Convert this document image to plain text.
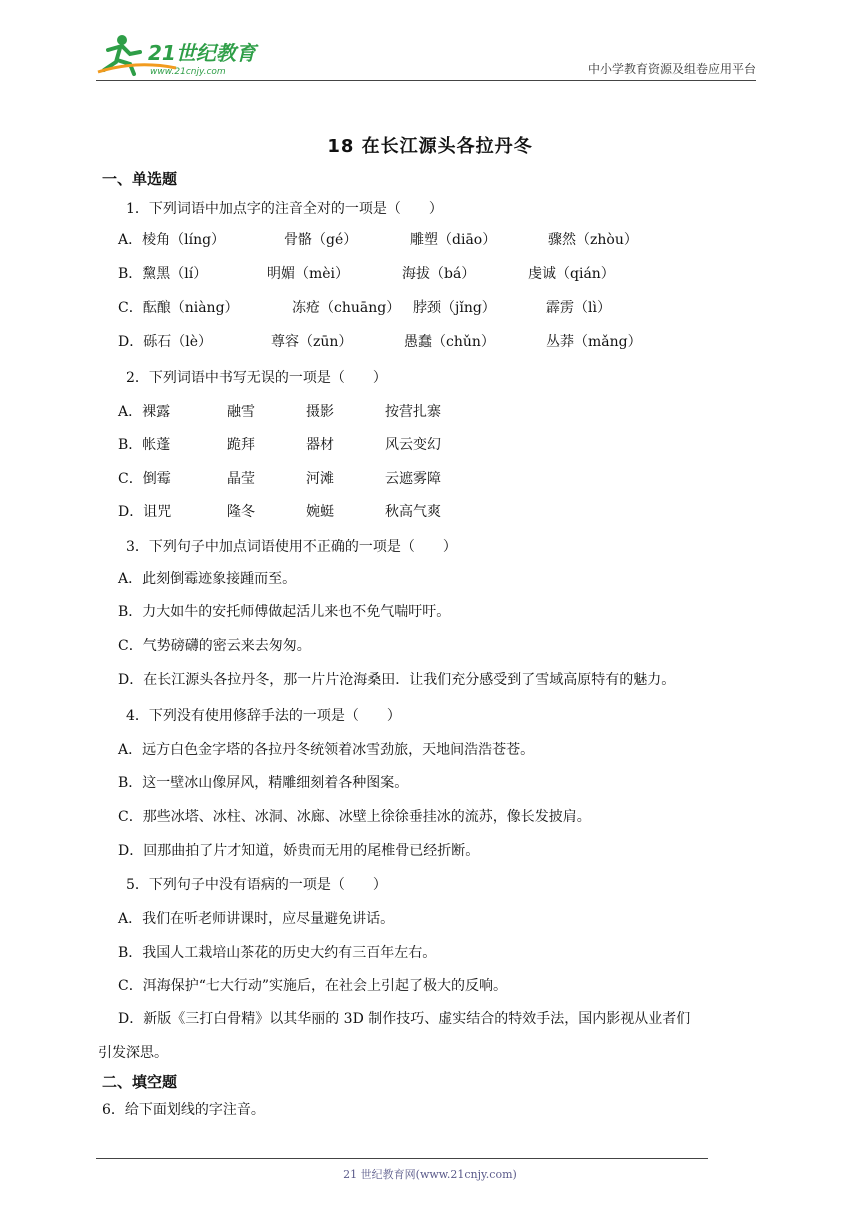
21世纪教育
www.21cnjy.com	中小学教育资源及组卷应用平台
18 在长江源头各拉丹冬
一、单选题
1．下列词语中加点字的注音全对的一项是（　　）
A．棱角（líng）	骨骼（gé）	雕塑（diāo）	骤然（zhòu）
B．黧黑（lí）	明媚（mèi）	海拔（bá）	虔诚（qián）
C．酝酿（niàng）	冻疮（chuāng） 脖颈（jǐng）	霹雳（lì）
D．砾石（lè）	尊容（zūn）	愚蠢（chǔn）	丛莽（mǎng）
2．下列词语中书写无误的一项是（　　）
A．裸露	融雪	摄影	按营扎寨
B．帐蓬	跪拜	器材	风云变幻
C．倒霉	晶莹	河滩	云遮雾障
D．诅咒	隆冬	婉蜓	秋高气爽
3．下列句子中加点词语使用不正确的一项是（　　）
A．此刻倒霉迹象接踵而至。
B．力大如牛的安托师傅做起活儿来也不免气喘吁吁。
C．气势磅礴的密云来去匆匆。
D．在长江源头各拉丹冬，那一片片沧海桑田．让我们充分感受到了雪域高原特有的魅力。
4．下列没有使用修辞手法的一项是（　　）
A．远方白色金字塔的各拉丹冬统领着冰雪劲旅，天地间浩浩苍苍。
B．这一壁冰山像屏风，精雕细刻着各种图案。
C．那些冰塔、冰柱、冰洞、冰廊、冰壁上徐徐垂挂冰的流苏，像长发披肩。
D．回那曲拍了片才知道，娇贵而无用的尾椎骨已经折断。
5．下列句子中没有语病的一项是（　　）
A．我们在听老师讲课时，应尽量避免讲话。
B．我国人工栽培山茶花的历史大约有三百年左右。
C．洱海保护“七大行动”实施后，在社会上引起了极大的反响。
D．新版《三打白骨精》以其华丽的 3D 制作技巧、虚实结合的特效手法，国内影视从业者们
引发深思。
二、填空题
6．给下面划线的字注音。
21 世纪教育网(www.21cnjy.com)
